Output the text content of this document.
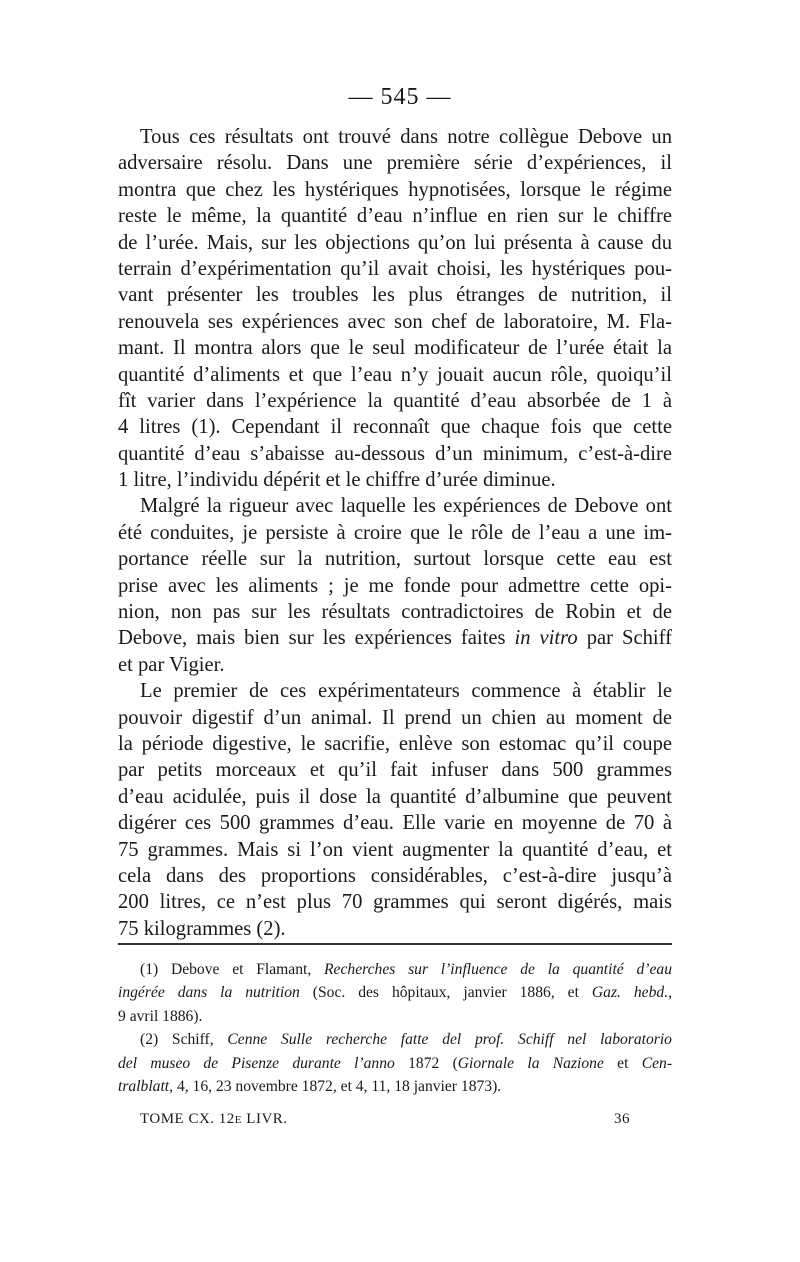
— 545 —
Tous ces résultats ont trouvé dans notre collègue Debove un
adversaire résolu. Dans une première série d’expériences, il
montra que chez les hystériques hypnotisées, lorsque le régime
reste le même, la quantité d’eau n’influe en rien sur le chiffre
de l’urée. Mais, sur les objections qu’on lui présenta à cause du
terrain d’expérimentation qu’il avait choisi, les hystériques pou-
vant présenter les troubles les plus étranges de nutrition, il
renouvela ses expériences avec son chef de laboratoire, M. Fla-
mant. Il montra alors que le seul modificateur de l’urée était la
quantité d’aliments et que l’eau n’y jouait aucun rôle, quoiqu’il
fît varier dans l’expérience la quantité d’eau absorbée de 1 à
4 litres (1). Cependant il reconnaît que chaque fois que cette
quantité d’eau s’abaisse au-dessous d’un minimum, c’est-à-dire
1 litre, l’individu dépérit et le chiffre d’urée diminue.
Malgré la rigueur avec laquelle les expériences de Debove ont
été conduites, je persiste à croire que le rôle de l’eau a une im-
portance réelle sur la nutrition, surtout lorsque cette eau est
prise avec les aliments ; je me fonde pour admettre cette opi-
nion, non pas sur les résultats contradictoires de Robin et de
Debove, mais bien sur les expériences faites in vitro par Schiff
et par Vigier.
Le premier de ces expérimentateurs commence à établir le
pouvoir digestif d’un animal. Il prend un chien au moment de
la période digestive, le sacrifie, enlève son estomac qu’il coupe
par petits morceaux et qu’il fait infuser dans 500 grammes
d’eau acidulée, puis il dose la quantité d’albumine que peuvent
digérer ces 500 grammes d’eau. Elle varie en moyenne de 70 à
75 grammes. Mais si l’on vient augmenter la quantité d’eau, et
cela dans des proportions considérables, c’est-à-dire jusqu’à
200 litres, ce n’est plus 70 grammes qui seront digérés, mais
75 kilogrammes (2).
(1) Debove et Flamant, Recherches sur l’influence de la quantité d’eau
ingérée dans la nutrition (Soc. des hôpitaux, janvier 1886, et Gaz. hebd.,
9 avril 1886).
(2) Schiff, Cenne Sulle recherche fatte del prof. Schiff nel laboratorio
del museo de Pisenze durante l’anno 1872 (Giornale la Nazione et Cen-
tralblatt, 4, 16, 23 novembre 1872, et 4, 11, 18 janvier 1873).
TOME CX. 12e LIVR.	36
